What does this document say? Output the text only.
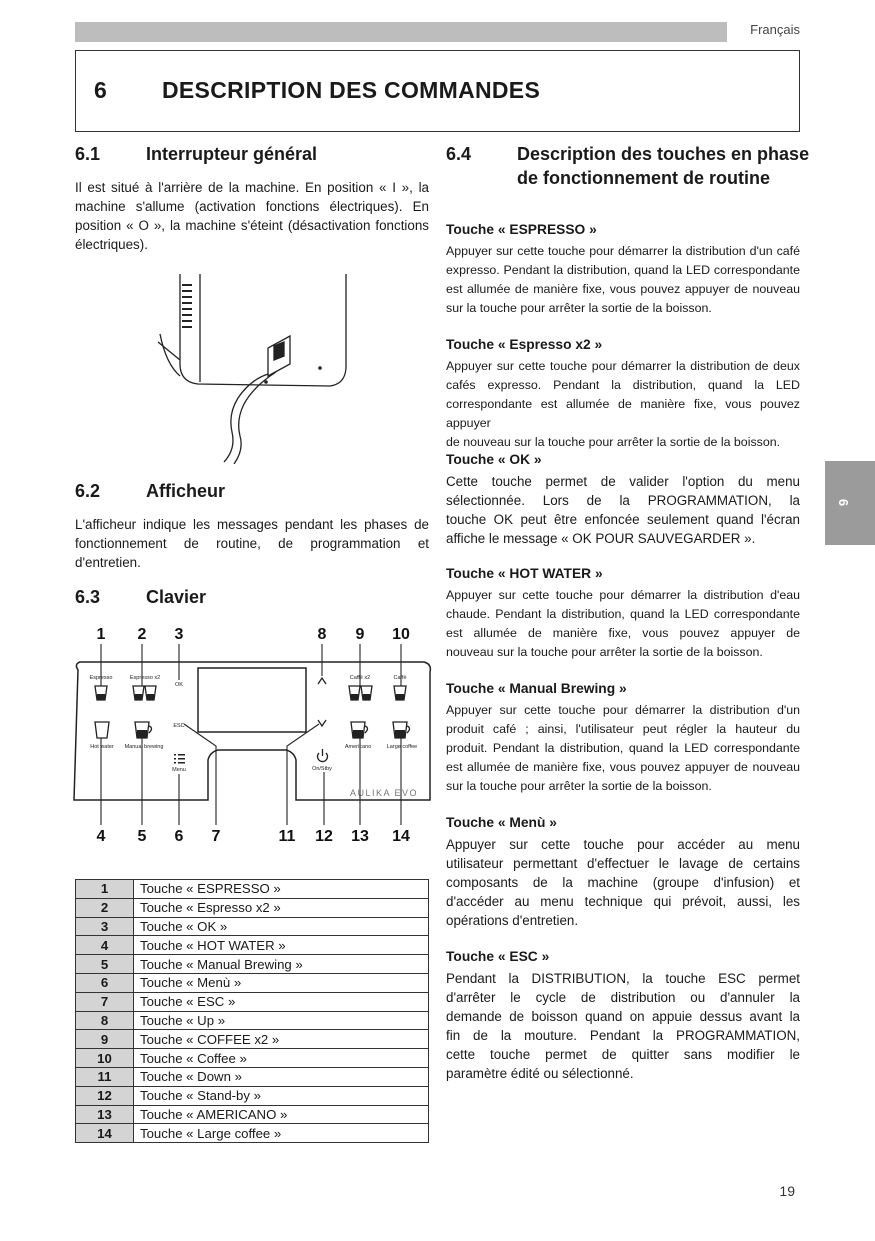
Français
6 DESCRIPTION DES COMMANDES
6.1	Interrupteur général
Il est situé à l'arrière de la machine. En position « I », la machine s'allume (activation fonctions électriques). En position « O », la machine s'éteint (désactivation fonctions électriques).
6.2	Afficheur
L'afficheur indique les messages pendant les phases de fonctionnement de routine, de programmation et d'entretien.
6.3	Clavier
1 2 3	8 9 10
4 5 6 7	11 12 13 14
Espresso	Espresso x2
OK
ESC
Caffè x2	Caffè
Hot water Manual brewing
Menu
Americano	Large coffee
On/Stby
AULIKA EVO
1	Touche « ESPRESSO »
2	Touche « Espresso x2 »
3	Touche « OK »
4	Touche « HOT WATER »
5	Touche « Manual Brewing »
6	Touche « Menù »
7	Touche « ESC »
8	Touche « Up »
9	Touche « COFFEE x2 »
10	Touche « Coffee »
11	Touche « Down »
12	Touche « Stand-by »
13	Touche « AMERICANO »
14	Touche « Large coffee »
6.4	Description des touches en phase
de fonctionnement de routine
Touche « ESPRESSO »
Appuyer sur cette touche pour démarrer la distribution d'un café
expresso. Pendant la distribution, quand la LED correspondante
est allumée de manière fixe, vous pouvez appuyer de nouveau
sur la touche pour arrêter la sortie de la boisson.
Touche « Espresso x2 »
Appuyer sur cette touche pour démarrer la distribution de deux
cafés expresso. Pendant la distribution, quand la LED
correspondante est allumée de manière fixe, vous pouvez appuyer
de nouveau sur la touche pour arrêter la sortie de la boisson.
Touche « OK »
Cette touche permet de valider l'option du menu
sélectionnée. Lors de la PROGRAMMATION, la
touche OK peut être enfoncée seulement quand l'écran
affiche le message « OK POUR SAUVEGARDER ».
Touche « HOT WATER »
Appuyer sur cette touche pour démarrer la distribution d'eau
chaude. Pendant la distribution, quand la LED correspondante
est allumée de manière fixe, vous pouvez appuyer de
nouveau sur la touche pour arrêter la sortie de la boisson.
Touche « Manual Brewing »
Appuyer sur cette touche pour démarrer la distribution d'un
produit café ; ainsi, l'utilisateur peut régler la hauteur du
produit. Pendant la distribution, quand la LED correspondante
est allumée de manière fixe, vous pouvez appuyer de nouveau
sur la touche pour arrêter la sortie de la boisson.
Touche « Menù »
Appuyer sur cette touche pour accéder au menu
utilisateur permettant d'effectuer le lavage de certains
composants de la machine (groupe d'infusion) et
d'accéder au menu technique qui prévoit, aussi, les
opérations d'entretien.
Touche « ESC »
Pendant la DISTRIBUTION, la touche ESC permet
d'arrêter le cycle de distribution ou d'annuler la
demande de boisson quand on appuie dessus avant la
fin de la mouture. Pendant la PROGRAMMATION,
cette touche permet de quitter sans modifier le
paramètre édité ou sélectionné.
6
19
